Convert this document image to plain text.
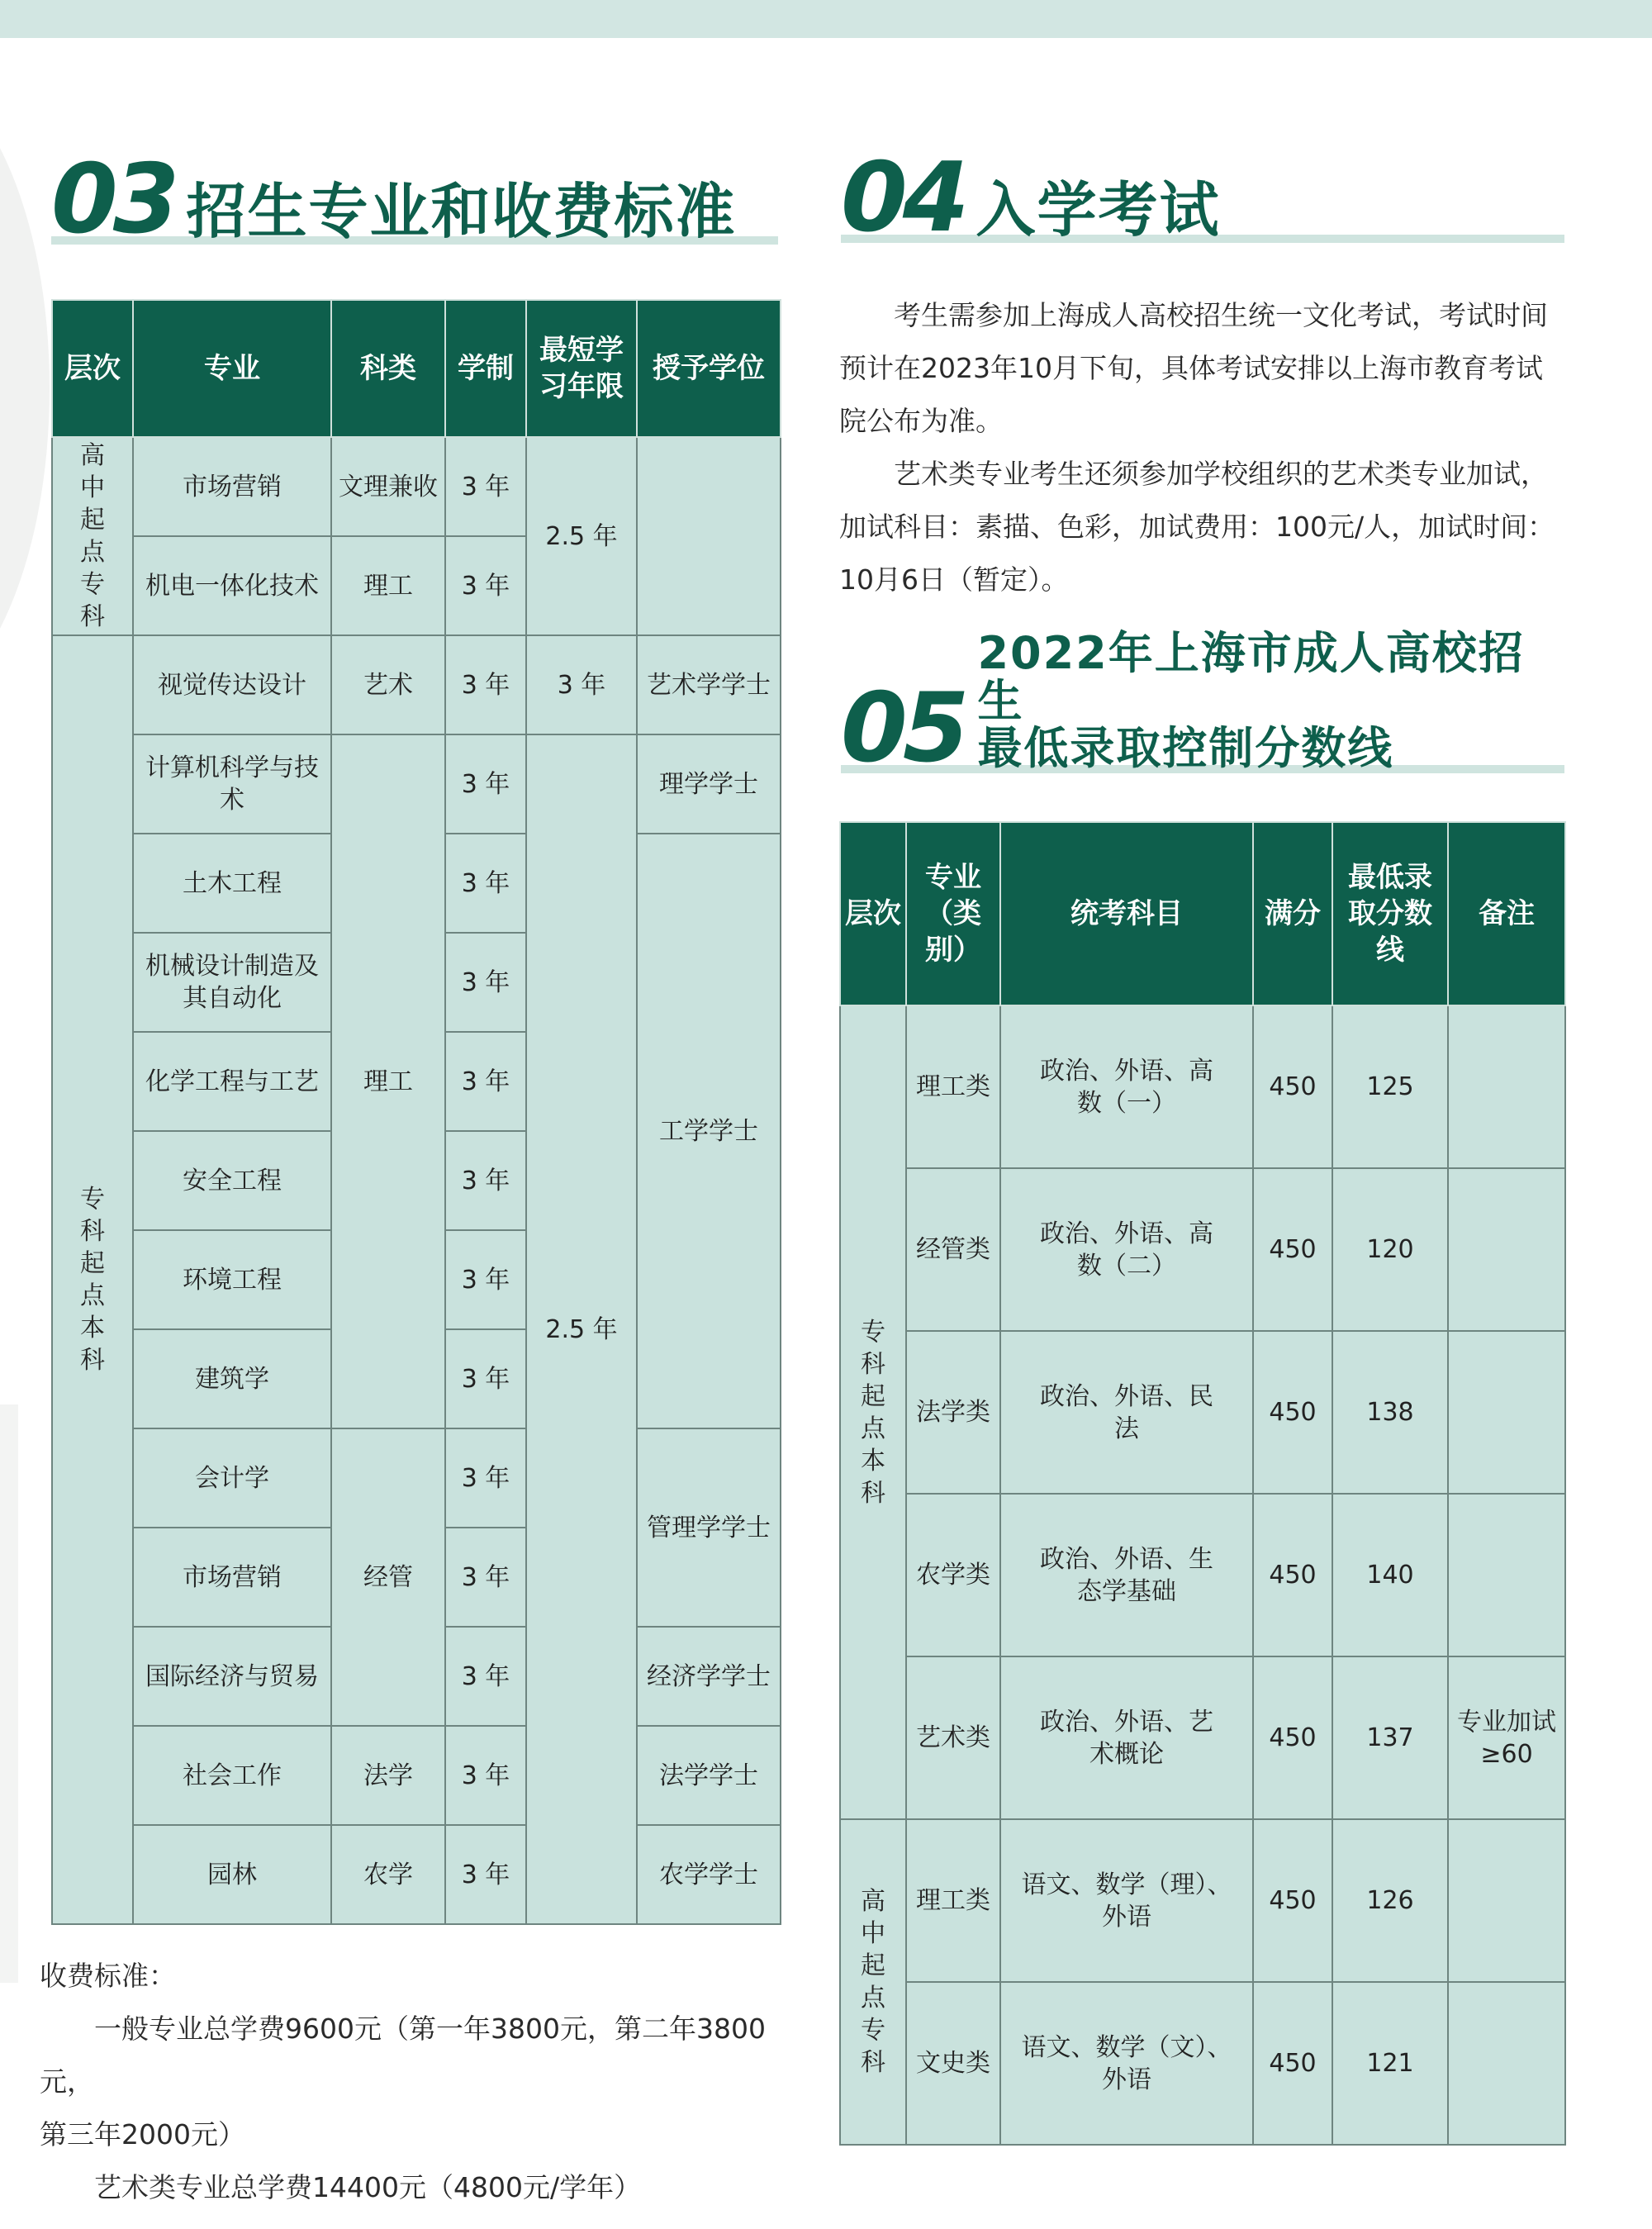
03 招生专业和收费标准
层次	专业	科类	学制	最短学习年限	授予学位
高中起点专科	市场营销	文理兼收	3 年	2.5 年	
	机电一体化技术	理工	3 年		
专科起点本科	视觉传达设计	艺术	3 年	3 年	艺术学学士
	计算机科学与技术	理工	3 年	2.5 年	理学学士
	土木工程		3 年		工学学士
	机械设计制造及其自动化		3 年		
	化学工程与工艺		3 年		
	安全工程		3 年		
	环境工程		3 年		
	建筑学		3 年		
	会计学	经管	3 年		管理学学士
	市场营销		3 年		
	国际经济与贸易		3 年		经济学学士
	社会工作	法学	3 年		法学学士
	园林	农学	3 年		农学学士

收费标准：

一般专业总学费9600元（第一年3800元，第二年3800元，

第三年2000元）

艺术类专业总学费14400元（4800元/学年）

04 入学考试

考生需参加上海成人高校招生统一文化考试，考试时间预计在2023年10月下旬，具体考试安排以上海市教育考试院公布为准。

艺术类专业考生还须参加学校组织的艺术类专业加试，加试科目：素描、色彩，加试费用：100元/人，加试时间：10月6日（暂定）。

05
2022年上海市成人高校招生
最低录取控制分数线
层次	专业（类别）	统考科目	满分	最低录取分数线	备注
专科起点本科	理工类	政治、外语、高数（一）	450	125	
	经管类	政治、外语、高数（二）	450	120	
	法学类	政治、外语、民法	450	138	
	农学类	政治、外语、生态学基础	450	140	
	艺术类	政治、外语、艺术概论	450	137	专业加试≥60
高中起点专科	理工类	语文、数学（理）、外语	450	126	
	文史类	语文、数学（文）、外语	450	121	
